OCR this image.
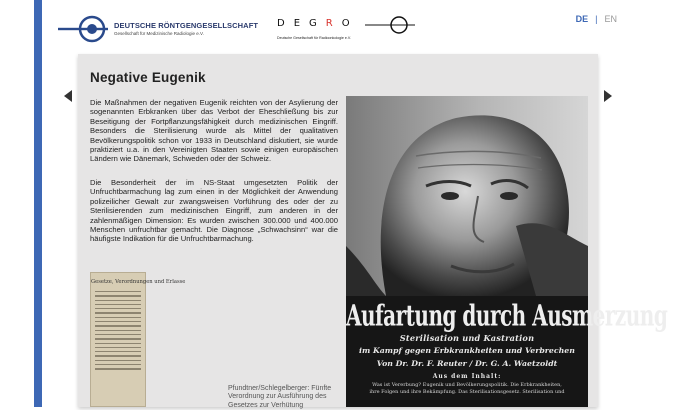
DEUTSCHE RÖNTGENGESELLSCHAFT
Gesellschaft für Medizinische Radiologie e.V.
DEGRO
Deutsche Gesellschaft für Radioonkologie e.V.
DE | EN
Negative Eugenik

Die Maßnahmen der negativen Eugenik reichten von der Asylierung der sogenannten Erbkranken über das Verbot der Eheschließung bis zur Beseitigung der Fortpflanzungsfähigkeit durch medizinischen Eingriff. Besonders die Sterilisierung wurde als Mittel der qualitativen Bevölkerungspolitik schon vor 1933 in Deutschland diskutiert, sie wurde praktiziert u.a. in den Vereinigten Staaten sowie einigen europäischen Ländern wie Dänemark, Schweden oder der Schweiz.

Die Besonderheit der im NS-Staat umgesetzten Politik der Unfruchtbarmachung lag zum einen in der Möglichkeit der Anwendung polizeilicher Gewalt zur zwangsweisen Vorführung des oder der zu Sterilisierenden zum medizinischen Eingriff, zum anderen in der zahlenmäßigen Dimension: Es wurden zwischen 300.000 und 400.000 Menschen unfruchtbar gemacht. Die Diagnose „Schwachsinn“ war die häufigste Indikation für die Unfruchtbarmachung.

Gesetze, Verordnungen und Erlasse

Pfundtner/Schlegelberger: Fünfte Verordnung zur Ausführung des Gesetzes zur Verhütung

Aufartung durch Ausmerzung
Sterilisation und Kastration
im Kampf gegen Erbkrankheiten und Verbrechen
Von Dr. Dr. F. Reuter / Dr. G. A. Waetzoldt
Aus dem Inhalt:
Was ist Vererbung? Eugenik und Bevölkerungspolitik. Die Erbkrankheiten,
ihre Folgen und ihre Bekämpfung. Das Sterilisationsgesetz. Sterilisation und
